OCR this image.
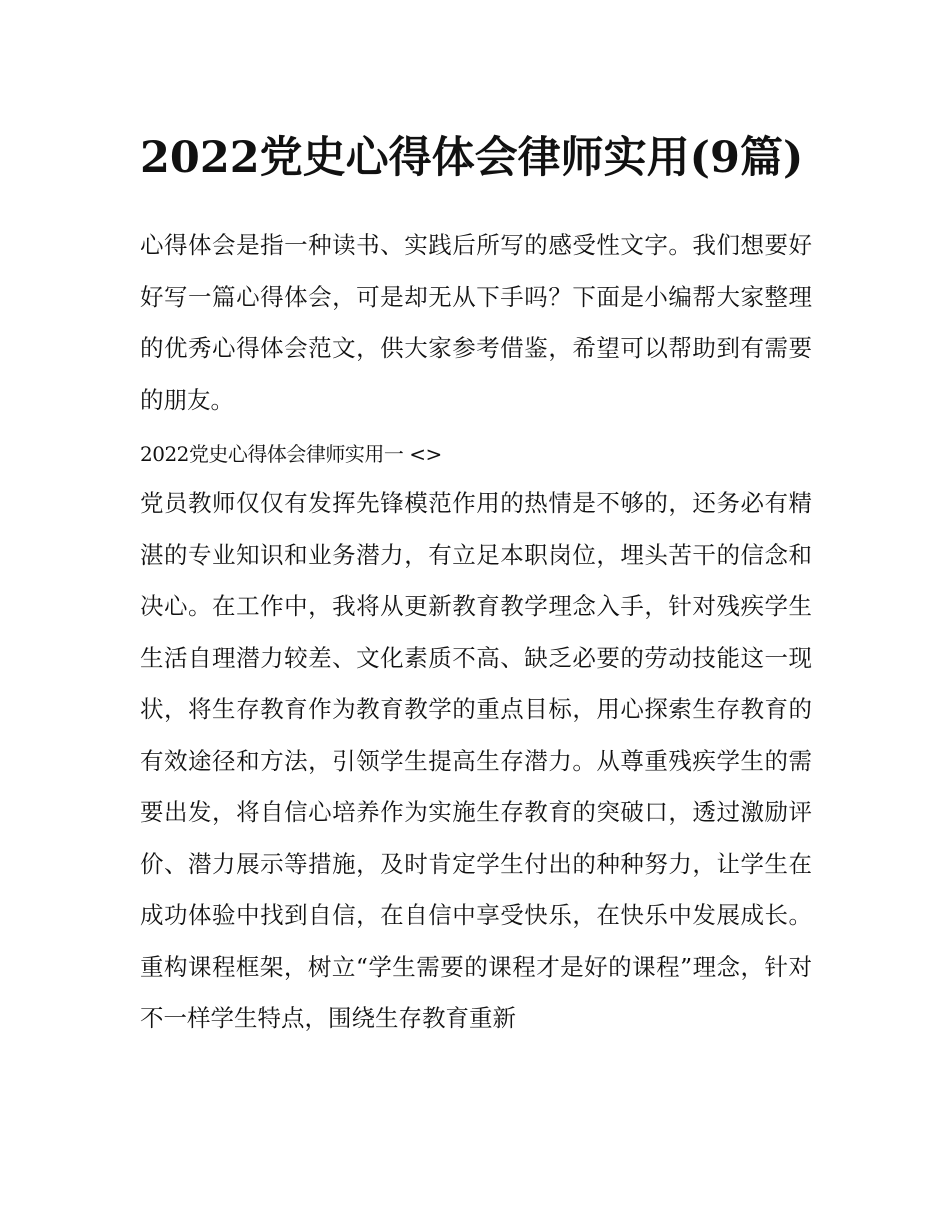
2022党史心得体会律师实用(9篇)

心得体会是指一种读书、实践后所写的感受性文字。我们想要好好写一篇心得体会，可是却无从下手吗？下面是小编帮大家整理的优秀心得体会范文，供大家参考借鉴，希望可以帮助到有需要的朋友。

2022党史心得体会律师实用一 <>

党员教师仅仅有发挥先锋模范作用的热情是不够的，还务必有精湛的专业知识和业务潜力，有立足本职岗位，埋头苦干的信念和决心。在工作中，我将从更新教育教学理念入手，针对残疾学生生活自理潜力较差、文化素质不高、缺乏必要的劳动技能这一现状，将生存教育作为教育教学的重点目标，用心探索生存教育的有效途径和方法，引领学生提高生存潜力。从尊重残疾学生的需要出发，将自信心培养作为实施生存教育的突破口，透过激励评价、潜力展示等措施，及时肯定学生付出的种种努力，让学生在成功体验中找到自信，在自信中享受快乐，在快乐中发展成长。重构课程框架，树立“学生需要的课程才是好的课程”理念，针对不一样学生特点，围绕生存教育重新
